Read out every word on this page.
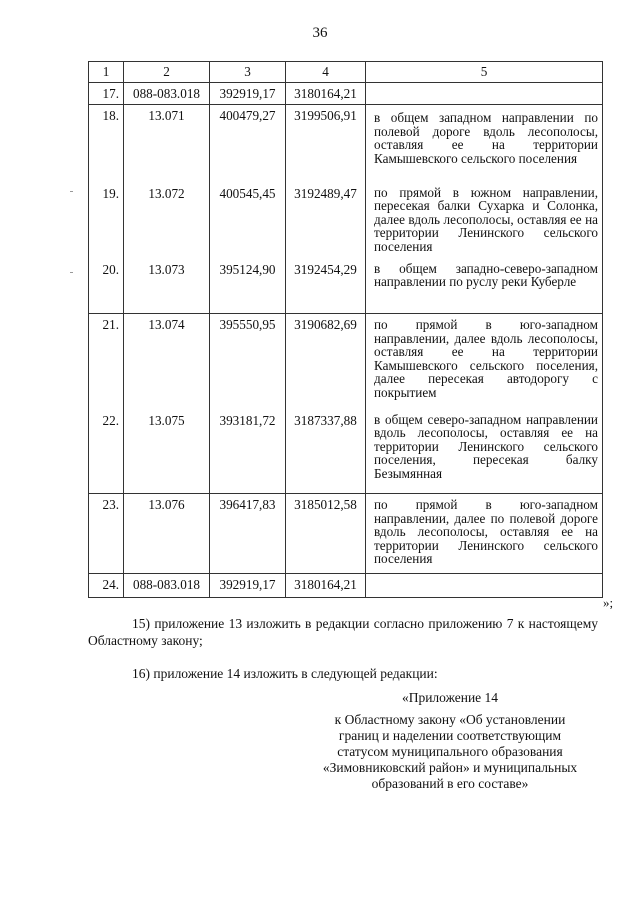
36
1	2	3	4	5

17.	088-083.018	392919,17	3180164,21	

18.	13.071	400479,27	3199506,91	в общем западном направлении по полевой дороге вдоль лесополосы, оставляя ее на территории Камышевского сельского поселения

19.	13.072	400545,45	3192489,47	по прямой в южном направлении, пересекая балки Сухарка и Солонка, далее вдоль лесополосы, оставляя ее на территории Ленинского сельского поселения

20.	13.073	395124,90	3192454,29	в общем западно-северо-западном направлении по руслу реки Куберле

21.	13.074	395550,95	3190682,69	по прямой в юго-западном направлении, далее вдоль лесополосы, оставляя ее на территории Камышевского сельского поселения, далее пересекая автодорогу с покрытием

22.	13.075	393181,72	3187337,88	в общем северо-западном направлении вдоль лесополосы, оставляя ее на территории Ленинского сельского поселения, пересекая балку Безымянная

23.	13.076	396417,83	3185012,58	по прямой в юго-западном направлении, далее по полевой дороге вдоль лесополосы, оставляя ее на территории Ленинского сельского поселения

24.	088-083.018	392919,17	3180164,21	

»;

15) приложение 13 изложить в редакции согласно приложению 7 к настоящему Областному закону;

16) приложение 14 изложить в следующей редакции:

«Приложение 14
к Областному закону «Об установлении
границ и наделении соответствующим
статусом муниципального образования
«Зимовниковский район» и муниципальных
образований в его составе»
